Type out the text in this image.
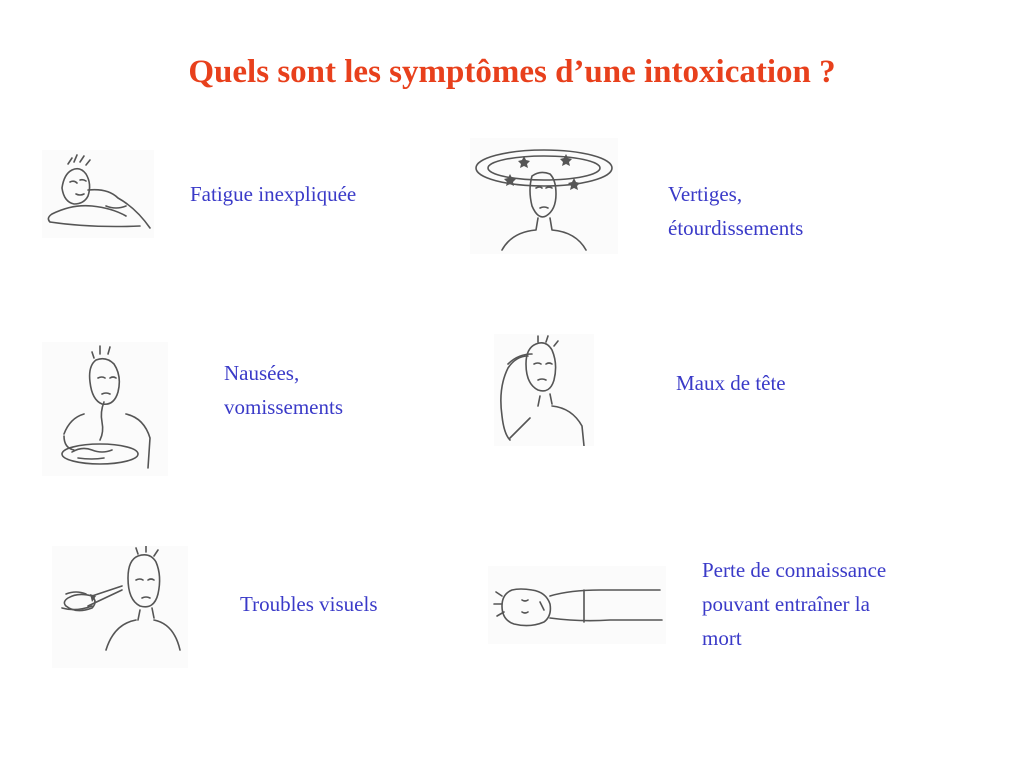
Quels sont les symptômes d’une intoxication ?
Fatigue inexpliquée	Vertiges,
étourdissements
Nausées,
vomissements
Maux de tête
Troubles visuels
Perte de connaissance
pouvant entraîner la
mort
